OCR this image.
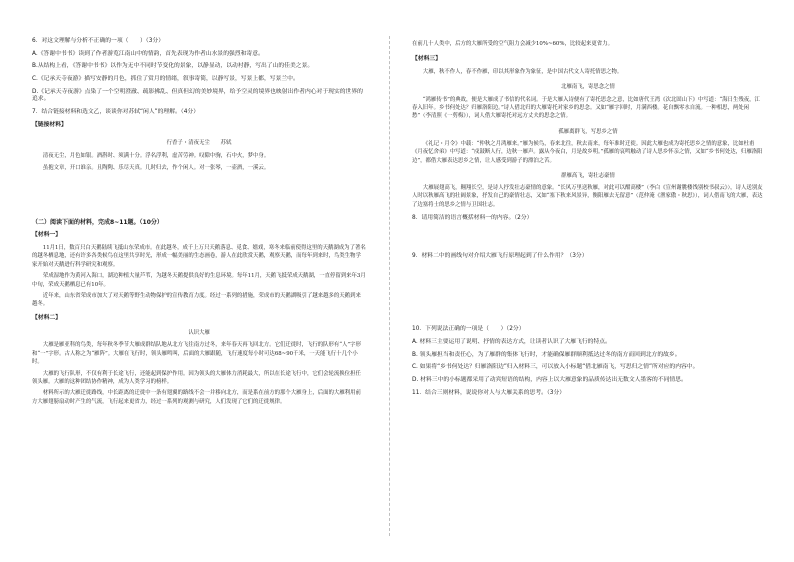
6．对这文理解与分析不正确的一项（　　）（3分）

A.《答谢中书书》读到了作者游览江南山中的情韵，首先表现为作者山水景的强烈和寄意。

B.从结构上看，《答谢中书书》以作为无中不同时节变化的景象，以静显动，以动衬静，写出了山的佳美之景。

C.《记承天寺夜游》描写安静的月色，抓住了赏月的情绪，叙事寄简，以静写景，写景上都，写景兰中。

D.《记承天寺夜游》点染了一个空明澄澈、疏影拂乱、但真但幻的美妙境界，给予空灵的境界也映射出作者内心对于现实的世界的追求。

7．结合链接材料和选文乙，谈谈你对苏轼“闲人”的理解。（4分）

【链接材料】

行香子・清夜无尘　　苏轼

清夜无尘，月色如银。酒斟时、须满十分。浮名浮利，虚苦劳神。叹隙中驹，石中火，梦中身。

虽抱文章，开口谁亲。且陶陶、乐尽天真。几时归去，作个闲人。对一张琴，一壶酒，一溪云。

（二）阅读下面的材料，完成8~11题。（10分）

【材料一】

11月1日，数百只白天鹅陆续飞抵山东荣成市。在此越冬，成千上万只天鹅落息、觅食、嬉戏，寒冬来临前使得这里的天鹅湖成为了著名的越冬栖息地，还有许多各类候鸟在这里共享时光，形成一幅美丽的生态画卷，游人在此欣赏天鹅，观察天鹅，而每年到来时，鸟类生物学家开始对天鹅进行科学研究和观察。

荣成湿地作为黄河入海口，湖边种植大量芦苇，为越冬天鹅提供良好的生息环境。每年11月，天鹅飞抵荣成天鹅湖，一直停留到来年3月中旬，荣成天鹅栖息已有10年。

近年来，山东省荣成市加大了对天鹅等野生动物保护的宣传教育力度。经过一系列的措施，荣成市的天鹅湖吸引了越来越多的天鹅到来越冬。

【材料二】

认识大雁

大雁是雁亚科的鸟类，每年秋冬季节大雁成群结队地从北方飞往南方过冬，来年春天再飞回北方。它们迁徙时，飞行的队形有“人”字形和“一”字形。古人称之为“雁阵”。大雁在飞行时，领头雁鸣叫，后面的大雁跟随，飞行速度每小时可达68~90千米，一天能飞行十几个小时。

大雁的飞行队形，不仅有利于长途飞行，还能起到保护作用。因为领头的大雁体力消耗最大，所以在长途飞行中，它们会轮流换位担任领头雁。大雁的这种团结协作精神，成为人类学习的榜样。

材料所示的大雁迁徙路线，中长距离的迁徙中一条有翅翼的路线不会一并移向北方，而是系在前方的那个大雁身上，后面的大雁利用前方大雁翅膀扇动时产生的气流，飞行起来更省力，经过一系列的观测与研究，人们发现了它们的迁徙规律。

在前几十人类中，后方的大雁所受的空气阻力会减少10%~60%，比较起来更省力。

【材料三】

大雁，秋不作人，春不作雁，印以其形象作为象征，是中国古代文人寄托情思之物。

北雁南飞，寄思念之情

“鸿雁传书”的典故，便是大雁成了书信的代名词。于是大雁入诗便有了寄托思念之意，比如唐代王湾《次北固山下》中写道：“海日生残夜，江春入旧年。乡书何处达？归雁洛阳边。”诗人借北归的大雁寄托对家乡的思念。又如“雁字回时，月满西楼。花自飘零水自流。一种相思，两处闲愁”（李清照《一剪梅》），词人借大雁寄托对远方丈夫的思念之情。

孤雁离群飞，写思乡之情

《礼记・月令》中载：“仲秋之月鸿雁来。”雁为候鸟，春来北往，秋去南来，每年准时迁徙。因此大雁也成为寄托思乡之情的意象，比如杜甫《月夜忆舍弟》中写道：“戍鼓断人行，边秋一雁声。露从今夜白，月是故乡明。”孤雁的哀鸣触动了诗人思乡怀亲之情，又如“乡书何处达，归雁洛阳边”，都借大雁表达思乡之情，让人感受到游子的漂泊之苦。

群雁高飞，寄壮志豪情

大雁展翅高飞，翱翔长空，是诗人抒发壮志豪情的意象。“长风万里送秋雁，对此可以酣高楼”（李白《宣州谢朓楼饯别校书叔云》），诗人送别友人时以秋雁高飞的壮阔景象，抒发自己的豪情壮志，又如“塞下秋来风景异，衡阳雁去无留意”（范仲淹《渔家傲・秋思》），词人借南飞的大雁，表达了边塞将士的思乡之情与卫国壮志。

8．请用简洁的语言概括材料一的内容。（2分）

9．材料二中的画线句对介绍大雁飞行原理起到了什么作用？（3分）

10．下列说法正确的一项是（　　）（2分）

A. 材料三主要运用了说明、抒情的表达方式，让读者认识了大雁飞行的特点。

B. 领头雁担当和责任心，为了雁群的集体飞行时，才能确保雁群顺利抵达过冬的南方而回到北方的故乡。

C. 如果将“乡书何处达？归雁洛阳边”归入材料三，可以放入小标题“借北雁南飞，写思归之情”所对应的内容中。

D. 材料三中的小标题都采用了动宾短语的结构，内容上以大雁意象的品质传达出无数文人墨客的不同情思。

11．结合三则材料，说说你对人与大雁关系的思考。（3分）
